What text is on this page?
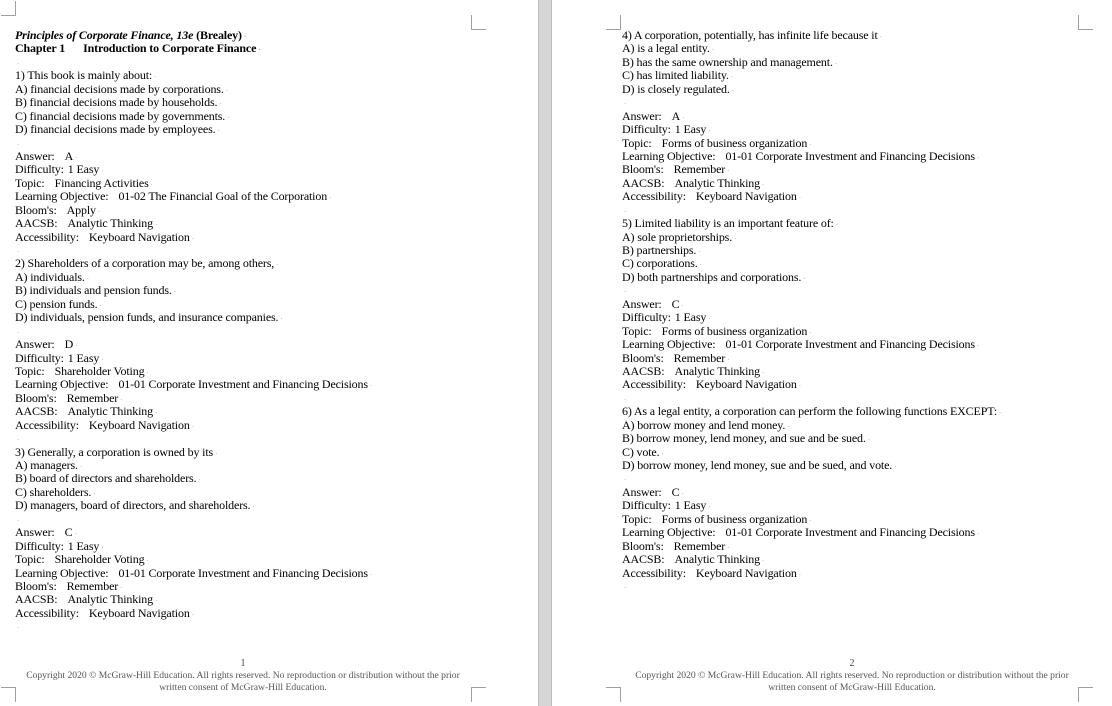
Principles of Corporate Finance, 13e (Brealey) ·
Chapter 1 Introduction to Corporate Finance ·
·
1) This book is mainly about: ·
A) financial decisions made by corporations. ·
B) financial decisions made by households. ·
C) financial decisions made by governments. ·
D) financial decisions made by employees. ·
·
Answer: A ·
Difficulty: 1 Easy ·
Topic: Financing Activities ·
Learning Objective: 01-02 The Financial Goal of the Corporation ·
Bloom's: Apply ·
AACSB: Analytic Thinking ·
Accessibility: Keyboard Navigation ·
·
2) Shareholders of a corporation may be, among others, ·
A) individuals. ·
B) individuals and pension funds. ·
C) pension funds. ·
D) individuals, pension funds, and insurance companies. ·
·
Answer: D ·
Difficulty: 1 Easy ·
Topic: Shareholder Voting ·
Learning Objective: 01-01 Corporate Investment and Financing Decisions ·
Bloom's: Remember ·
AACSB: Analytic Thinking ·
Accessibility: Keyboard Navigation ·
·
3) Generally, a corporation is owned by its ·
A) managers. ·
B) board of directors and shareholders. ·
C) shareholders. ·
D) managers, board of directors, and shareholders. ·
·
Answer: C ·
Difficulty: 1 Easy ·
Topic: Shareholder Voting ·
Learning Objective: 01-01 Corporate Investment and Financing Decisions ·
Bloom's: Remember ·
AACSB: Analytic Thinking ·
Accessibility: Keyboard Navigation ·
·
1
Copyright 2020 © McGraw-Hill Education. All rights reserved. No reproduction or distribution without the prior
written consent of McGraw-Hill Education.
4) A corporation, potentially, has infinite life because it ·
A) is a legal entity. ·
B) has the same ownership and management. ·
C) has limited liability. ·
D) is closely regulated. ·
·
Answer: A ·
Difficulty: 1 Easy ·
Topic: Forms of business organization ·
Learning Objective: 01-01 Corporate Investment and Financing Decisions ·
Bloom's: Remember ·
AACSB: Analytic Thinking ·
Accessibility: Keyboard Navigation ·
·
5) Limited liability is an important feature of: ·
A) sole proprietorships. ·
B) partnerships. ·
C) corporations. ·
D) both partnerships and corporations. ·
·
Answer: C ·
Difficulty: 1 Easy ·
Topic: Forms of business organization ·
Learning Objective: 01-01 Corporate Investment and Financing Decisions ·
Bloom's: Remember ·
AACSB: Analytic Thinking ·
Accessibility: Keyboard Navigation ·
·
6) As a legal entity, a corporation can perform the following functions EXCEPT: ·
A) borrow money and lend money. ·
B) borrow money, lend money, and sue and be sued. ·
C) vote. ·
D) borrow money, lend money, sue and be sued, and vote. ·
·
Answer: C ·
Difficulty: 1 Easy ·
Topic: Forms of business organization ·
Learning Objective: 01-01 Corporate Investment and Financing Decisions ·
Bloom's: Remember ·
AACSB: Analytic Thinking ·
Accessibility: Keyboard Navigation ·
·
2
Copyright 2020 © McGraw-Hill Education. All rights reserved. No reproduction or distribution without the prior
written consent of McGraw-Hill Education.
